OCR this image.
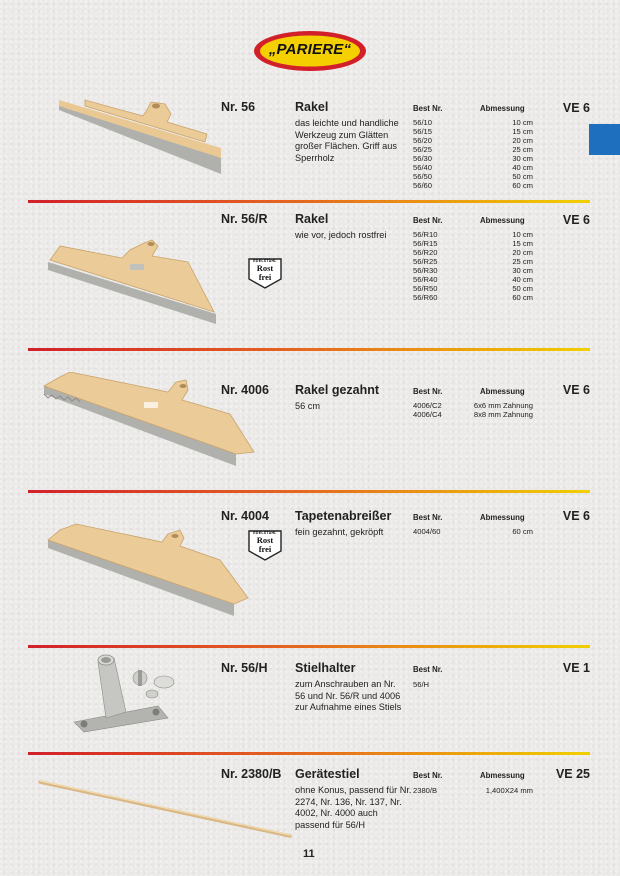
„PARIERE“
Nr. 56	Rakel
das leichte und handliche Werkzeug zum Glätten großer Flächen. Griff aus Sperrholz
Best Nr.	Abmessung	VE 6
56/10	10 cm
56/15	15 cm
56/20	20 cm
56/25	25 cm
56/30	30 cm
56/40	40 cm
56/50	50 cm
56/60	60 cm
EDELSTAHL
Rost
frei
Nr. 56/R Rakel
wie vor, jedoch rostfrei
Best Nr.	Abmessung	VE 6
56/R10	10 cm
56/R15	15 cm
56/R20	20 cm
56/R25	25 cm
56/R30	30 cm
56/R40	40 cm
56/R50	50 cm
56/R60	60 cm
Nr. 4006 Rakel gezahnt
56 cm
Best Nr.	Abmessung	VE 6
4006/C2	6x6 mm Zahnung
4006/C4	8x8 mm Zahnung
EDELSTAHL
Rost
frei
Nr. 4004 Tapetenabreißer
fein gezahnt, gekröpft
Best Nr.	Abmessung	VE 6
4004/60	60 cm
Nr. 56/H Stielhalter
zum Anschrauben an Nr. 56 und Nr. 56/R und 4006 zur Aufnahme eines Stiels
Best Nr.	VE 1
56/H
Nr. 2380/B Gerätestiel
ohne Konus, passend für Nr. 2274, Nr. 136, Nr. 137, Nr. 4002, Nr. 4000 auch passend für 56/H
Best Nr.	Abmessung	VE 25
2380/B	1,400X24 mm
11
